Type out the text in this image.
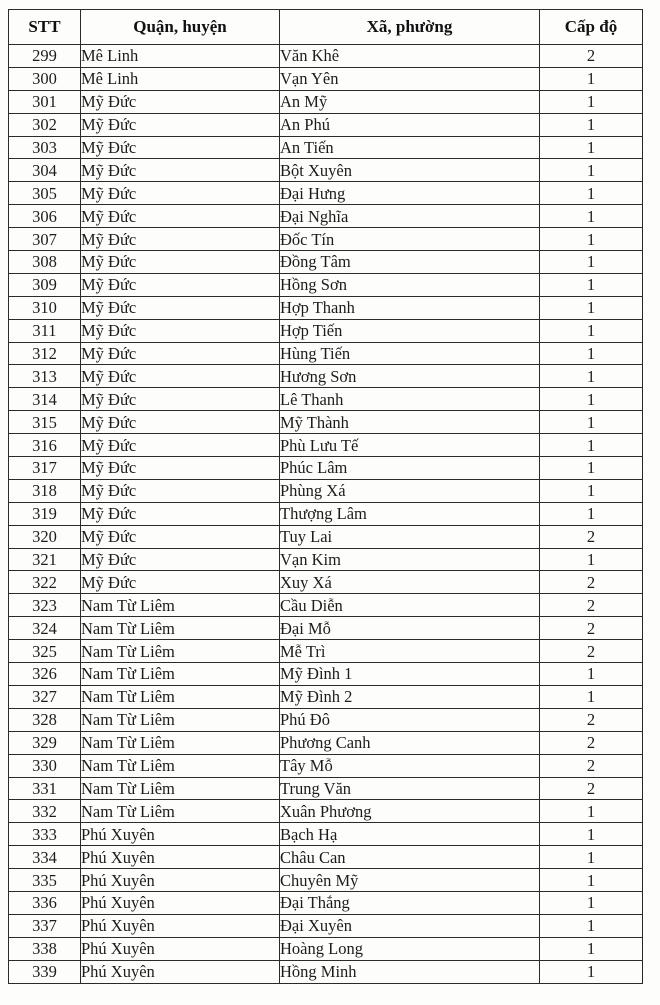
STT	Quận, huyện	Xã, phường	Cấp độ
299	Mê Linh	Văn Khê	2
300	Mê Linh	Vạn Yên	1
301	Mỹ Đức	An Mỹ	1
302	Mỹ Đức	An Phú	1
303	Mỹ Đức	An Tiến	1
304	Mỹ Đức	Bột Xuyên	1
305	Mỹ Đức	Đại Hưng	1
306	Mỹ Đức	Đại Nghĩa	1
307	Mỹ Đức	Đốc Tín	1
308	Mỹ Đức	Đồng Tâm	1
309	Mỹ Đức	Hồng Sơn	1
310	Mỹ Đức	Hợp Thanh	1
311	Mỹ Đức	Hợp Tiến	1
312	Mỹ Đức	Hùng Tiến	1
313	Mỹ Đức	Hương Sơn	1
314	Mỹ Đức	Lê Thanh	1
315	Mỹ Đức	Mỹ Thành	1
316	Mỹ Đức	Phù Lưu Tế	1
317	Mỹ Đức	Phúc Lâm	1
318	Mỹ Đức	Phùng Xá	1
319	Mỹ Đức	Thượng Lâm	1
320	Mỹ Đức	Tuy Lai	2
321	Mỹ Đức	Vạn Kim	1
322	Mỹ Đức	Xuy Xá	2
323	Nam Từ Liêm	Cầu Diễn	2
324	Nam Từ Liêm	Đại Mỗ	2
325	Nam Từ Liêm	Mễ Trì	2
326	Nam Từ Liêm	Mỹ Đình 1	1
327	Nam Từ Liêm	Mỹ Đình 2	1
328	Nam Từ Liêm	Phú Đô	2
329	Nam Từ Liêm	Phương Canh	2
330	Nam Từ Liêm	Tây Mỗ	2
331	Nam Từ Liêm	Trung Văn	2
332	Nam Từ Liêm	Xuân Phương	1
333	Phú Xuyên	Bạch Hạ	1
334	Phú Xuyên	Châu Can	1
335	Phú Xuyên	Chuyên Mỹ	1
336	Phú Xuyên	Đại Thắng	1
337	Phú Xuyên	Đại Xuyên	1
338	Phú Xuyên	Hoàng Long	1
339	Phú Xuyên	Hồng Minh	1
